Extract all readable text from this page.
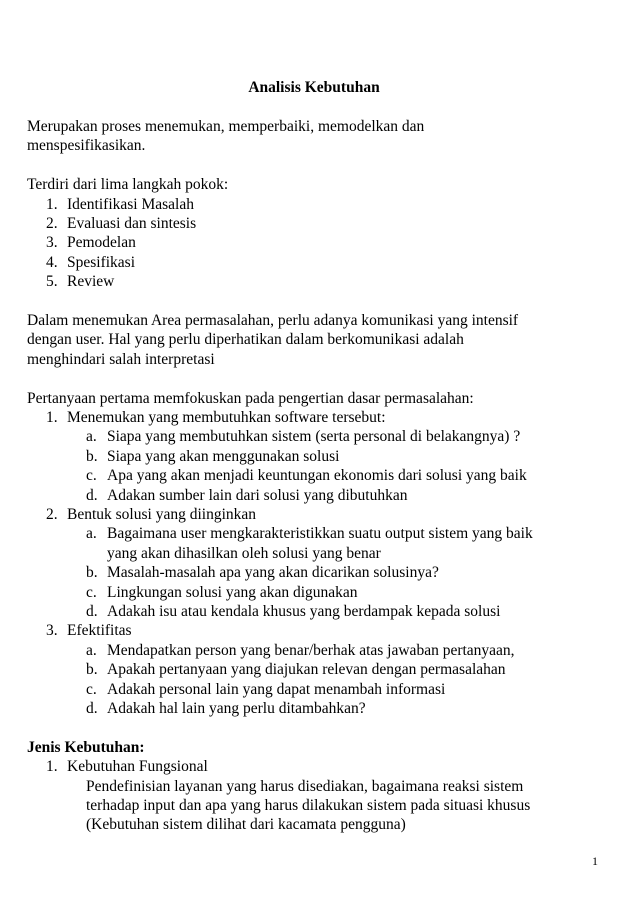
Analisis Kebutuhan
Merupakan proses menemukan, memperbaiki, memodelkan dan
menspesifikasikan.
Terdiri dari lima langkah pokok:
1. Identifikasi Masalah
2. Evaluasi dan sintesis
3. Pemodelan
4. Spesifikasi
5. Review
Dalam menemukan Area permasalahan, perlu adanya komunikasi yang intensif
dengan user. Hal yang perlu diperhatikan dalam berkomunikasi adalah
menghindari salah interpretasi
Pertanyaan pertama memfokuskan pada pengertian dasar permasalahan:
1. Menemukan yang membutuhkan software tersebut:
a. Siapa yang membutuhkan sistem (serta personal di belakangnya) ?
b. Siapa yang akan menggunakan solusi
c. Apa yang akan menjadi keuntungan ekonomis dari solusi yang baik
d. Adakan sumber lain dari solusi yang dibutuhkan
2. Bentuk solusi yang diinginkan
a. Bagaimana user mengkarakteristikkan suatu output sistem yang baik
yang akan dihasilkan oleh solusi yang benar
b. Masalah-masalah apa yang akan dicarikan solusinya?
c. Lingkungan solusi yang akan digunakan
d. Adakah isu atau kendala khusus yang berdampak kepada solusi
3. Efektifitas
a. Mendapatkan person yang benar/berhak atas jawaban pertanyaan,
b. Apakah pertanyaan yang diajukan relevan dengan permasalahan
c. Adakah personal lain yang dapat menambah informasi
d. Adakah hal lain yang perlu ditambahkan?
Jenis Kebutuhan:
1. Kebutuhan Fungsional
Pendefinisian layanan yang harus disediakan, bagaimana reaksi sistem
terhadap input dan apa yang harus dilakukan sistem pada situasi khusus
(Kebutuhan sistem dilihat dari kacamata pengguna)
1
